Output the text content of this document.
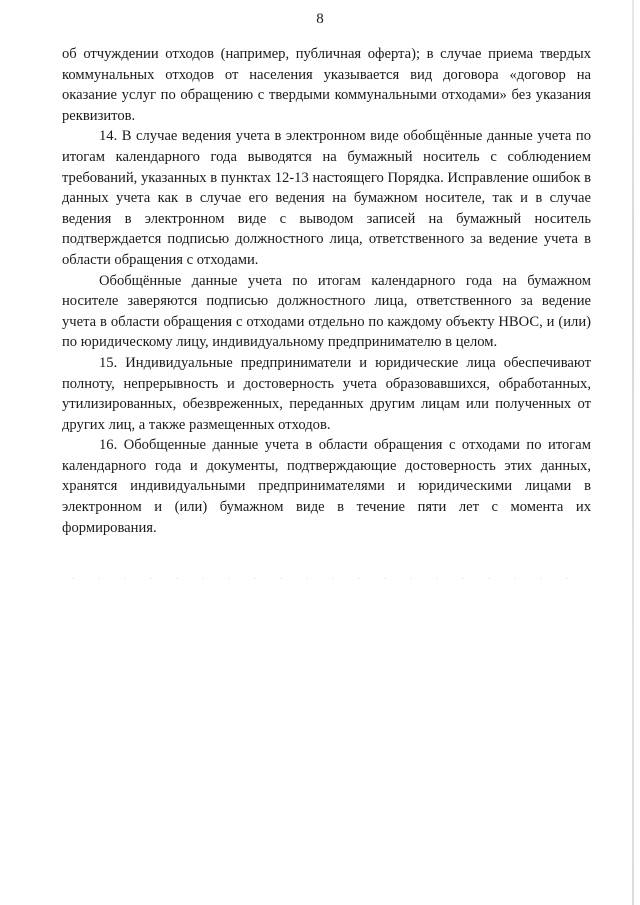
8

об отчуждении отходов (например, публичная оферта); в случае приема твердых коммунальных отходов от населения указывается вид договора «договор на оказание услуг по обращению с твердыми коммунальными отходами» без указания реквизитов.

14. В случае ведения учета в электронном виде обобщённые данные учета по итогам календарного года выводятся на бумажный носитель с соблюдением требований, указанных в пунктах 12-13 настоящего Порядка. Исправление ошибок в данных учета как в случае его ведения на бумажном носителе, так и в случае ведения в электронном виде с выводом записей на бумажный носитель подтверждается подписью должностного лица, ответственного за ведение учета в области обращения с отходами.

Обобщённые данные учета по итогам календарного года на бумажном носителе заверяются подписью должностного лица, ответственного за ведение учета в области обращения с отходами отдельно по каждому объекту НВОС, и (или) по юридическому лицу, индивидуальному предпринимателю в целом.

15. Индивидуальные предприниматели и юридические лица обеспечивают полноту, непрерывность и достоверность учета образовавшихся, обработанных, утилизированных, обезвреженных, переданных другим лицам или полученных от других лиц, а также размещенных отходов.

16. Обобщенные данные учета в области обращения с отходами по итогам календарного года и документы, подтверждающие достоверность этих данных, хранятся индивидуальными предпринимателями и юридическими лицами в электронном и (или) бумажном виде в течение пяти лет с момента их формирования.
